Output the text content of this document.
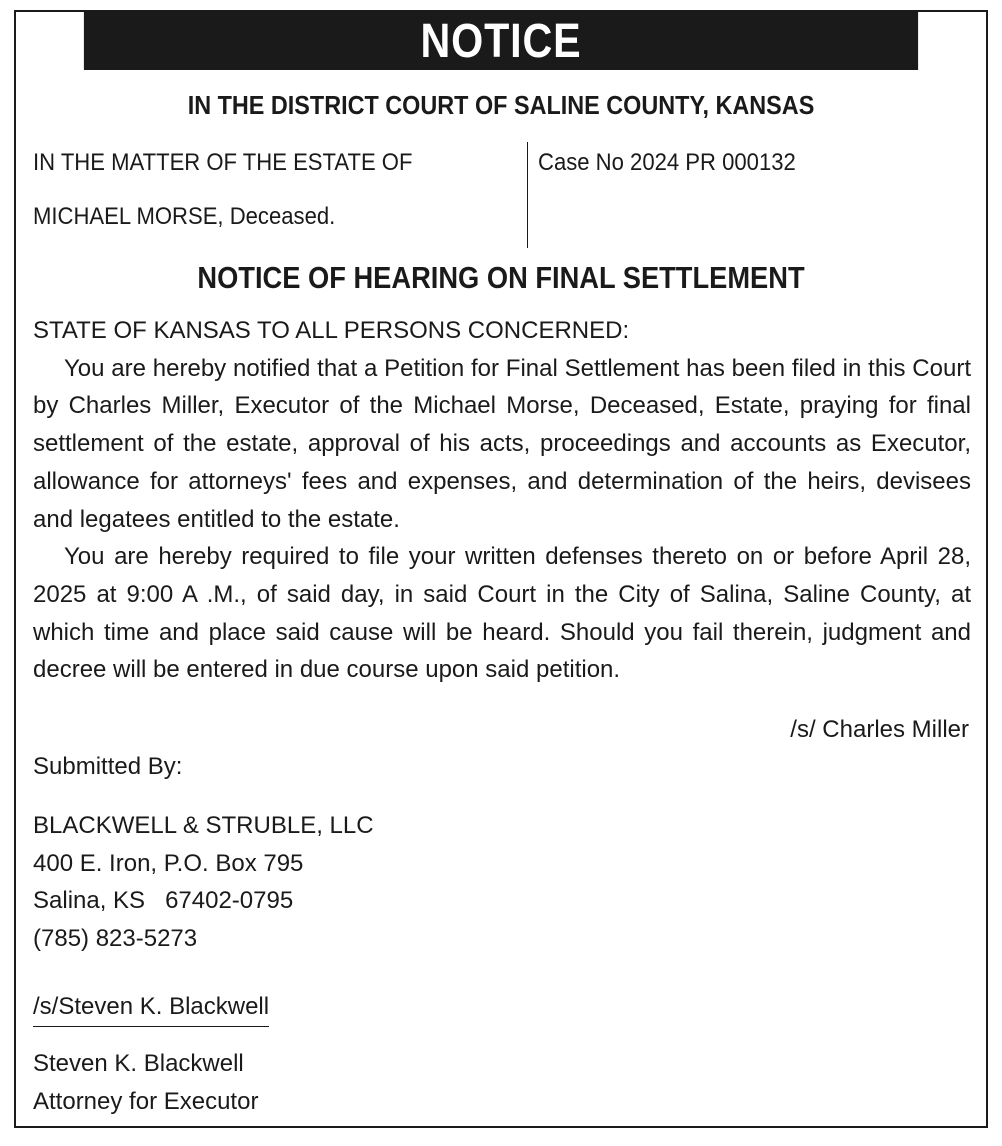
NOTICE
IN THE DISTRICT COURT OF SALINE COUNTY, KANSAS
IN THE MATTER OF THE ESTATE OF
MICHAEL MORSE, Deceased.
Case No 2024 PR 000132
NOTICE OF HEARING ON FINAL SETTLEMENT
STATE OF KANSAS TO ALL PERSONS CONCERNED:

You are hereby notified that a Petition for Final Settlement has been filed in this Court by Charles Miller, Executor of the Michael Morse, Deceased, Estate, praying for final settlement of the estate, approval of his acts, proceedings and accounts as Executor, allowance for attorneys' fees and expenses, and determination of the heirs, devisees and legatees entitled to the estate.

You are hereby required to file your written defenses thereto on or before April 28, 2025 at 9:00 A .M., of said day, in said Court in the City of Salina, Saline County, at which time and place said cause will be heard. Should you fail therein, judgment and decree will be entered in due course upon said petition.

/s/ Charles Miller
Submitted By:
BLACKWELL & STRUBLE, LLC
400 E. Iron, P.O. Box 795
Salina, KS   67402-0795
(785) 823-5273
/s/Steven K. Blackwell
Steven K. Blackwell
Attorney for Executor
